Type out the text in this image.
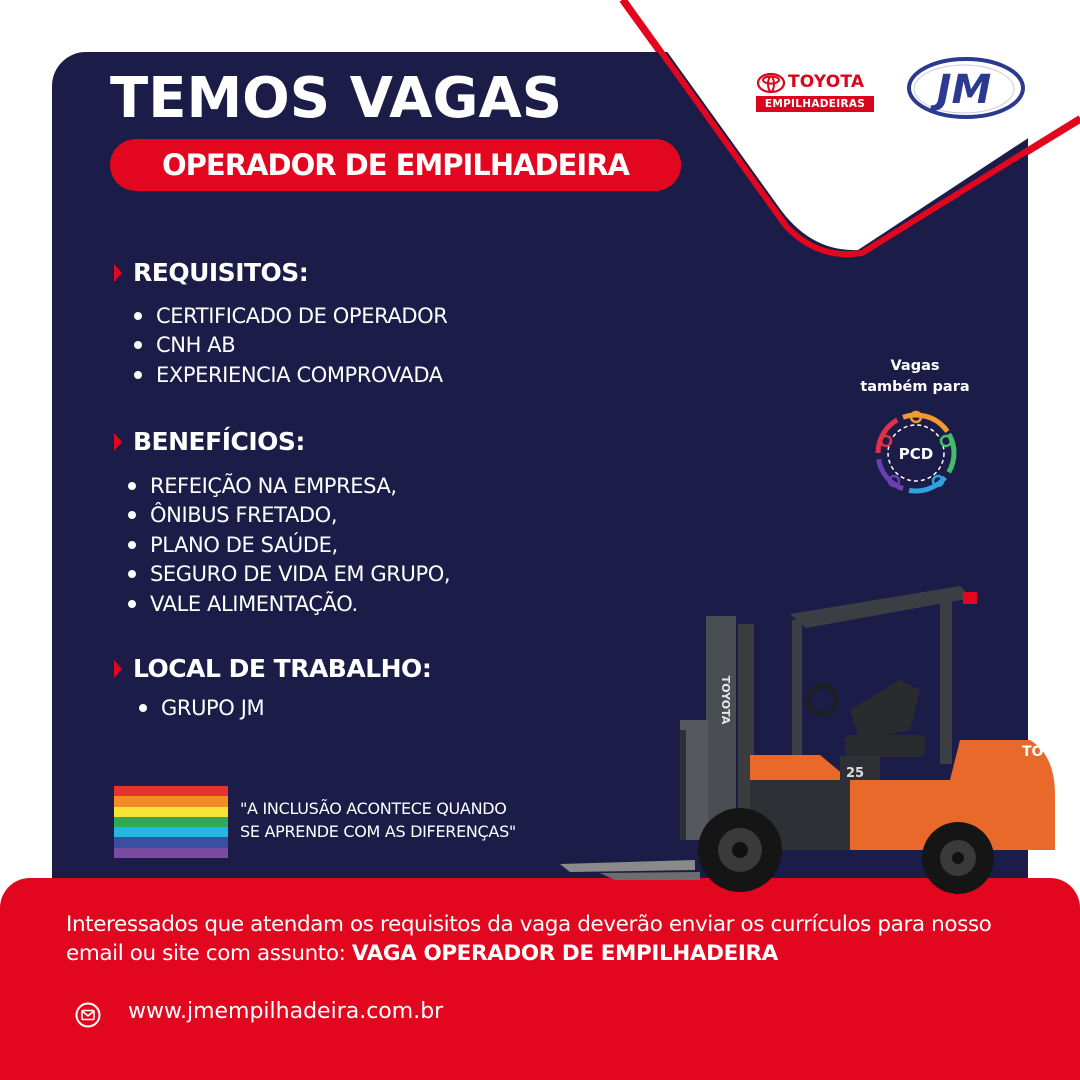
TEMOS VAGAS
OPERADOR DE EMPILHADEIRA
TOYOTA
EMPILHADEIRAS JM
REQUISITOS:
CERTIFICADO DE OPERADOR
CNH AB
EXPERIENCIA COMPROVADA
BENEFÍCIOS:
REFEIÇÃO NA EMPRESA,
ÔNIBUS FRETADO,
PLANO DE SAÚDE,
SEGURO DE VIDA EM GRUPO,
VALE ALIMENTAÇÃO.
LOCAL DE TRABALHO:
GRUPO JM
Vagas
também para
PCD
"A INCLUSÃO ACONTECE QUANDO
SE APRENDE COM AS DIFERENÇAS"
TOYOTA
25
TOY
Interessados que atendam os requisitos da vaga deverão enviar os currículos para nosso email ou site com assunto: VAGA OPERADOR DE EMPILHADEIRA
www.jmempilhadeira.com.br
